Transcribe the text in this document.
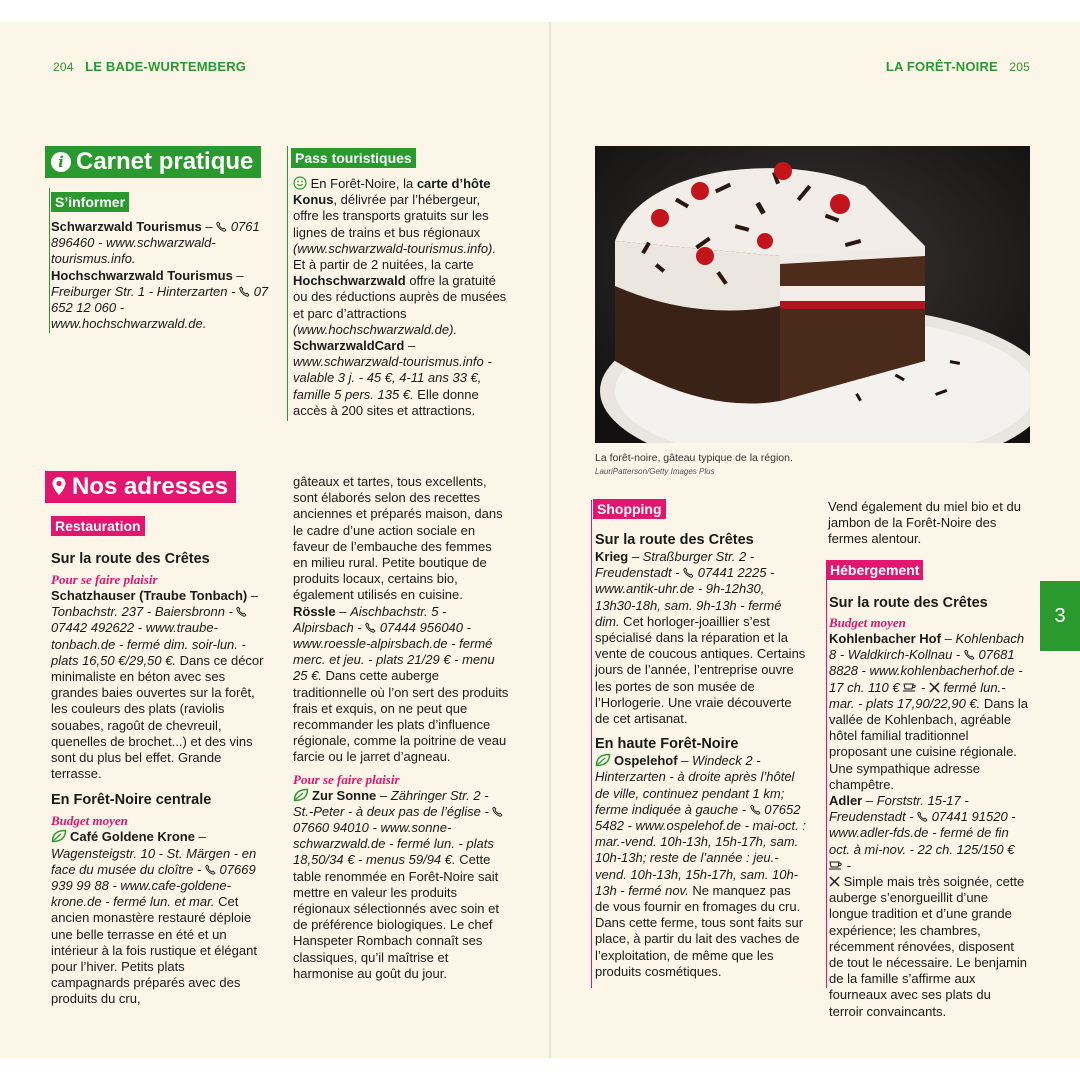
204 LE BADE-WURTEMBERG	LA FORÊT-NOIRE 205
i Carnet pratique
S’informer

Schwarzwald Tourismus –  0761 896460 - www.schwarzwald-tourismus.info.

Hochschwarzwald Tourismus – Freiburger Str. 1 - Hinterzarten -  07 652 12 060 - www.hochschwarzwald.de.

Pass touristiques

En Forêt-Noire, la carte d’hôte Konus, délivrée par l’hébergeur, offre les transports gratuits sur les lignes de trains et bus régionaux (www.schwarzwald-tourismus.info). Et à partir de 2 nuitées, la carte Hochschwarzwald offre la gratuité ou des réductions auprès de musées et parc d’attractions (www.hochschwarzwald.de).
SchwarzwaldCard – www.schwarzwald-tourismus.info - valable 3 j. - 45 €, 4-11 ans 33 €, famille 5 pers. 135 €. Elle donne accès à 200 sites et attractions.

Nos adresses
Restauration

Sur la route des Crêtes

Pour se faire plaisir

Schatzhauser (Traube Tonbach) – Tonbachstr. 237 - Baiersbronn -  07442 492622 - www.traube-tonbach.de - fermé dim. soir-lun. - plats 16,50 €/29,50 €. Dans ce décor minimaliste en béton avec ses grandes baies ouvertes sur la forêt, les couleurs des plats (raviolis souabes, ragoût de chevreuil, quenelles de brochet...) et des vins sont du plus bel effet. Grande terrasse.

En Forêt-Noire centrale

Budget moyen

Café Goldene Krone – Wagensteigstr. 10 - St. Märgen - en face du musée du cloître -  07669 939 99 88 - www.cafe-goldene-krone.de - fermé lun. et mar. Cet ancien monastère restauré déploie une belle terrasse en été et un intérieur à la fois rustique et élégant pour l’hiver. Petits plats campagnards préparés avec des produits du cru,

gâteaux et tartes, tous excellents, sont élaborés selon des recettes anciennes et préparés maison, dans le cadre d’une action sociale en faveur de l’embauche des femmes en milieu rural. Petite boutique de produits locaux, certains bio, également utilisés en cuisine.

Rössle – Aischbachstr. 5 - Alpirsbach -  07444 956040 - www.roessle-alpirsbach.de - fermé merc. et jeu. - plats 21/29 € - menu 25 €. Dans cette auberge traditionnelle où l’on sert des produits frais et exquis, on ne peut que recommander les plats d’influence régionale, comme la poitrine de veau farcie ou le jarret d’agneau.

Pour se faire plaisir

Zur Sonne – Zähringer Str. 2 - St.-Peter - à deux pas de l’église -  07660 94010 - www.sonne-schwarzwald.de - fermé lun. - plats 18,50/34 € - menus 59/94 €. Cette table renommée en Forêt-Noire sait mettre en valeur les produits régionaux sélectionnés avec soin et de préférence biologiques. Le chef Hanspeter Rombach connaît ses classiques, qu’il maîtrise et harmonise au goût du jour.

La forêt-noire, gâteau typique de la région.
LauriPatterson/Getty Images Plus
Shopping

Sur la route des Crêtes

Krieg – Straßburger Str. 2 - Freudenstadt -  07441 2225 - www.antik-uhr.de - 9h-12h30, 13h30-18h, sam. 9h-13h - fermé dim. Cet horloger-joaillier s’est spécialisé dans la réparation et la vente de coucous antiques. Certains jours de l’année, l’entreprise ouvre les portes de son musée de l’Horlogerie. Une vraie découverte de cet artisanat.

En haute Forêt-Noire

Ospelehof – Windeck 2 - Hinterzarten - à droite après l’hôtel de ville, continuez pendant 1 km; ferme indiquée à gauche -  07652 5482 - www.ospelehof.de - mai-oct. : mar.-vend. 10h-13h, 15h-17h, sam. 10h-13h; reste de l’année : jeu.-vend. 10h-13h, 15h-17h, sam. 10h-13h - fermé nov. Ne manquez pas de vous fournir en fromages du cru. Dans cette ferme, tous sont faits sur place, à partir du lait des vaches de l’exploitation, de même que les produits cosmétiques.

Vend également du miel bio et du jambon de la Forêt-Noire des fermes alentour.

Hébergement

Sur la route des Crêtes

Budget moyen

Kohlenbacher Hof – Kohlenbach 8 - Waldkirch-Kollnau -  07681 8828 - www.kohlenbacherhof.de - 17 ch. 110 €  -  fermé lun.-mar. - plats 17,90/22,90 €. Dans la vallée de Kohlenbach, agréable hôtel familial traditionnel proposant une cuisine régionale. Une sympathique adresse champêtre.

Adler – Forststr. 15-17 - Freudenstadt -  07441 91520 - www.adler-fds.de - fermé de fin oct. à mi-nov. - 22 ch. 125/150 €  -
Simple mais très soignée, cette auberge s’enorgueillit d’une longue tradition et d’une grande expérience; les chambres, récemment rénovées, disposent de tout le nécessaire. Le benjamin de la famille s’affirme aux fourneaux avec ses plats du terroir convaincants.

3
